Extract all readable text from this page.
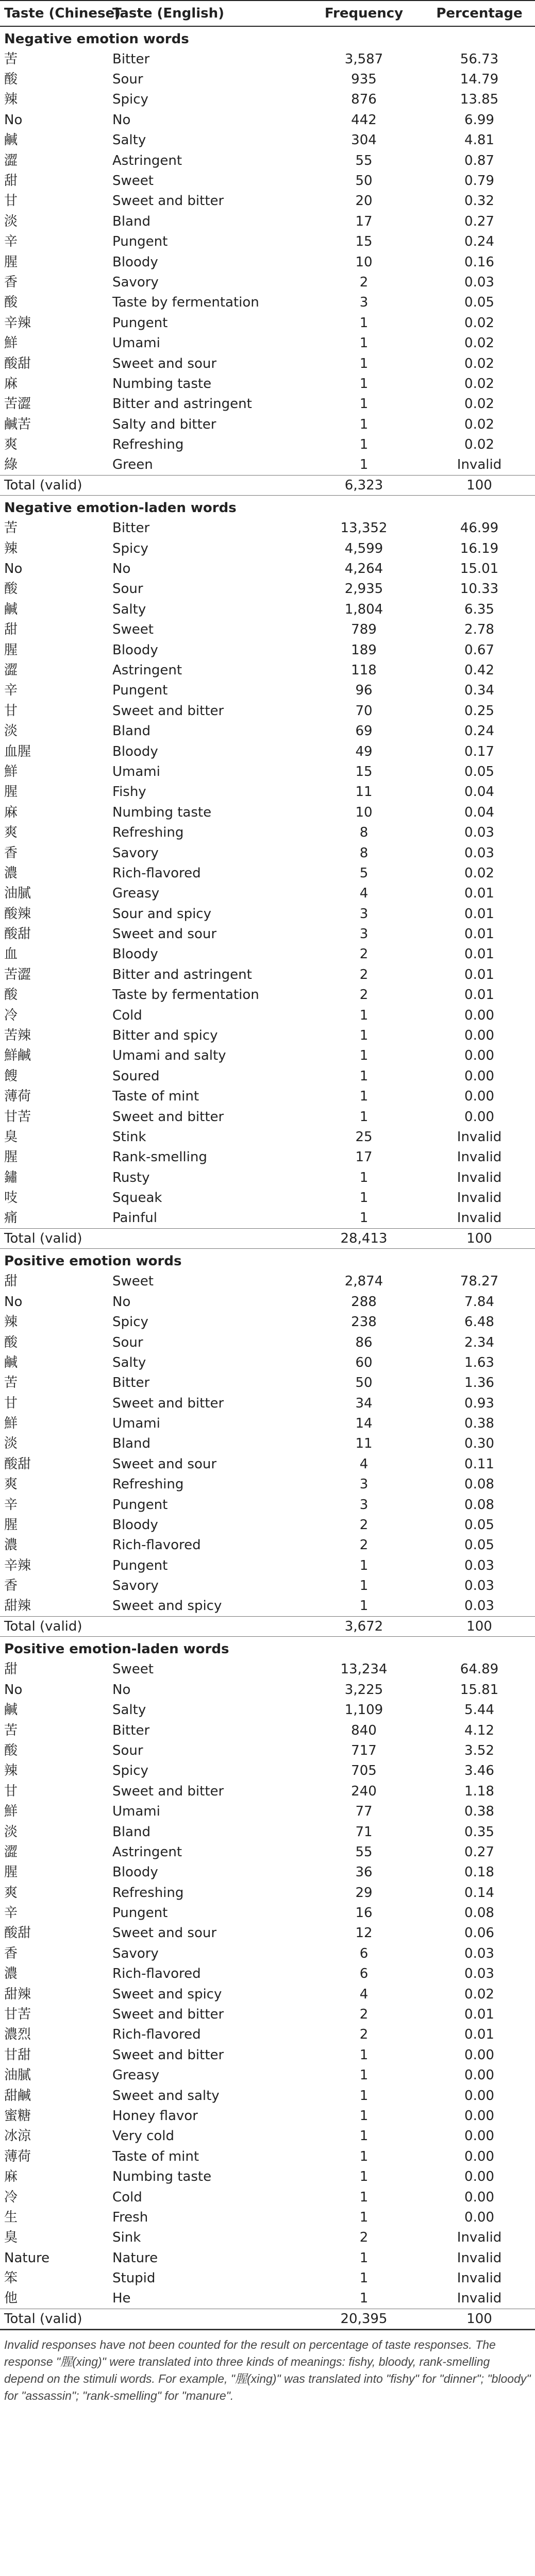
Taste (Chinese)	Taste (English)	Frequency	Percentage
Negative emotion words			
苦	Bitter	3,587	56.73
酸	Sour	935	14.79
辣	Spicy	876	13.85
No	No	442	6.99
鹹	Salty	304	4.81
澀	Astringent	55	0.87
甜	Sweet	50	0.79
甘	Sweet and bitter	20	0.32
淡	Bland	17	0.27
辛	Pungent	15	0.24
腥	Bloody	10	0.16
香	Savory	2	0.03
酸	Taste by fermentation	3	0.05
辛辣	Pungent	1	0.02
鮮	Umami	1	0.02
酸甜	Sweet and sour	1	0.02
麻	Numbing taste	1	0.02
苦澀	Bitter and astringent	1	0.02
鹹苦	Salty and bitter	1	0.02
爽	Refreshing	1	0.02
綠	Green	1	Invalid
Total (valid)		6,323	100
Negative emotion-laden words			
苦	Bitter	13,352	46.99
辣	Spicy	4,599	16.19
No	No	4,264	15.01
酸	Sour	2,935	10.33
鹹	Salty	1,804	6.35
甜	Sweet	789	2.78
腥	Bloody	189	0.67
澀	Astringent	118	0.42
辛	Pungent	96	0.34
甘	Sweet and bitter	70	0.25
淡	Bland	69	0.24
血腥	Bloody	49	0.17
鮮	Umami	15	0.05
腥	Fishy	11	0.04
麻	Numbing taste	10	0.04
爽	Refreshing	8	0.03
香	Savory	8	0.03
濃	Rich-flavored	5	0.02
油膩	Greasy	4	0.01
酸辣	Sour and spicy	3	0.01
酸甜	Sweet and sour	3	0.01
血	Bloody	2	0.01
苦澀	Bitter and astringent	2	0.01
酸	Taste by fermentation	2	0.01
冷	Cold	1	0.00
苦辣	Bitter and spicy	1	0.00
鮮鹹	Umami and salty	1	0.00
餿	Soured	1	0.00
薄荷	Taste of mint	1	0.00
甘苦	Sweet and bitter	1	0.00
臭	Stink	25	Invalid
腥	Rank-smelling	17	Invalid
鏽	Rusty	1	Invalid
吱	Squeak	1	Invalid
痛	Painful	1	Invalid
Total (valid)		28,413	100
Positive emotion words			
甜	Sweet	2,874	78.27
No	No	288	7.84
辣	Spicy	238	6.48
酸	Sour	86	2.34
鹹	Salty	60	1.63
苦	Bitter	50	1.36
甘	Sweet and bitter	34	0.93
鮮	Umami	14	0.38
淡	Bland	11	0.30
酸甜	Sweet and sour	4	0.11
爽	Refreshing	3	0.08
辛	Pungent	3	0.08
腥	Bloody	2	0.05
濃	Rich-flavored	2	0.05
辛辣	Pungent	1	0.03
香	Savory	1	0.03
甜辣	Sweet and spicy	1	0.03
Total (valid)		3,672	100
Positive emotion-laden words			
甜	Sweet	13,234	64.89
No	No	3,225	15.81
鹹	Salty	1,109	5.44
苦	Bitter	840	4.12
酸	Sour	717	3.52
辣	Spicy	705	3.46
甘	Sweet and bitter	240	1.18
鮮	Umami	77	0.38
淡	Bland	71	0.35
澀	Astringent	55	0.27
腥	Bloody	36	0.18
爽	Refreshing	29	0.14
辛	Pungent	16	0.08
酸甜	Sweet and sour	12	0.06
香	Savory	6	0.03
濃	Rich-flavored	6	0.03
甜辣	Sweet and spicy	4	0.02
甘苦	Sweet and bitter	2	0.01
濃烈	Rich-flavored	2	0.01
甘甜	Sweet and bitter	1	0.00
油膩	Greasy	1	0.00
甜鹹	Sweet and salty	1	0.00
蜜糖	Honey flavor	1	0.00
冰涼	Very cold	1	0.00
薄荷	Taste of mint	1	0.00
麻	Numbing taste	1	0.00
冷	Cold	1	0.00
生	Fresh	1	0.00
臭	Sink	2	Invalid
Nature	Nature	1	Invalid
笨	Stupid	1	Invalid
他	He	1	Invalid
Total (valid)		20,395	100

Invalid responses have not been counted for the result on percentage of taste responses. The response "腥(xing)" were translated into three kinds of meanings: fishy, bloody, rank-smelling depend on the stimuli words. For example, "腥(xing)" was translated into "fishy" for "dinner"; "bloody" for "assassin"; "rank-smelling" for "manure".
